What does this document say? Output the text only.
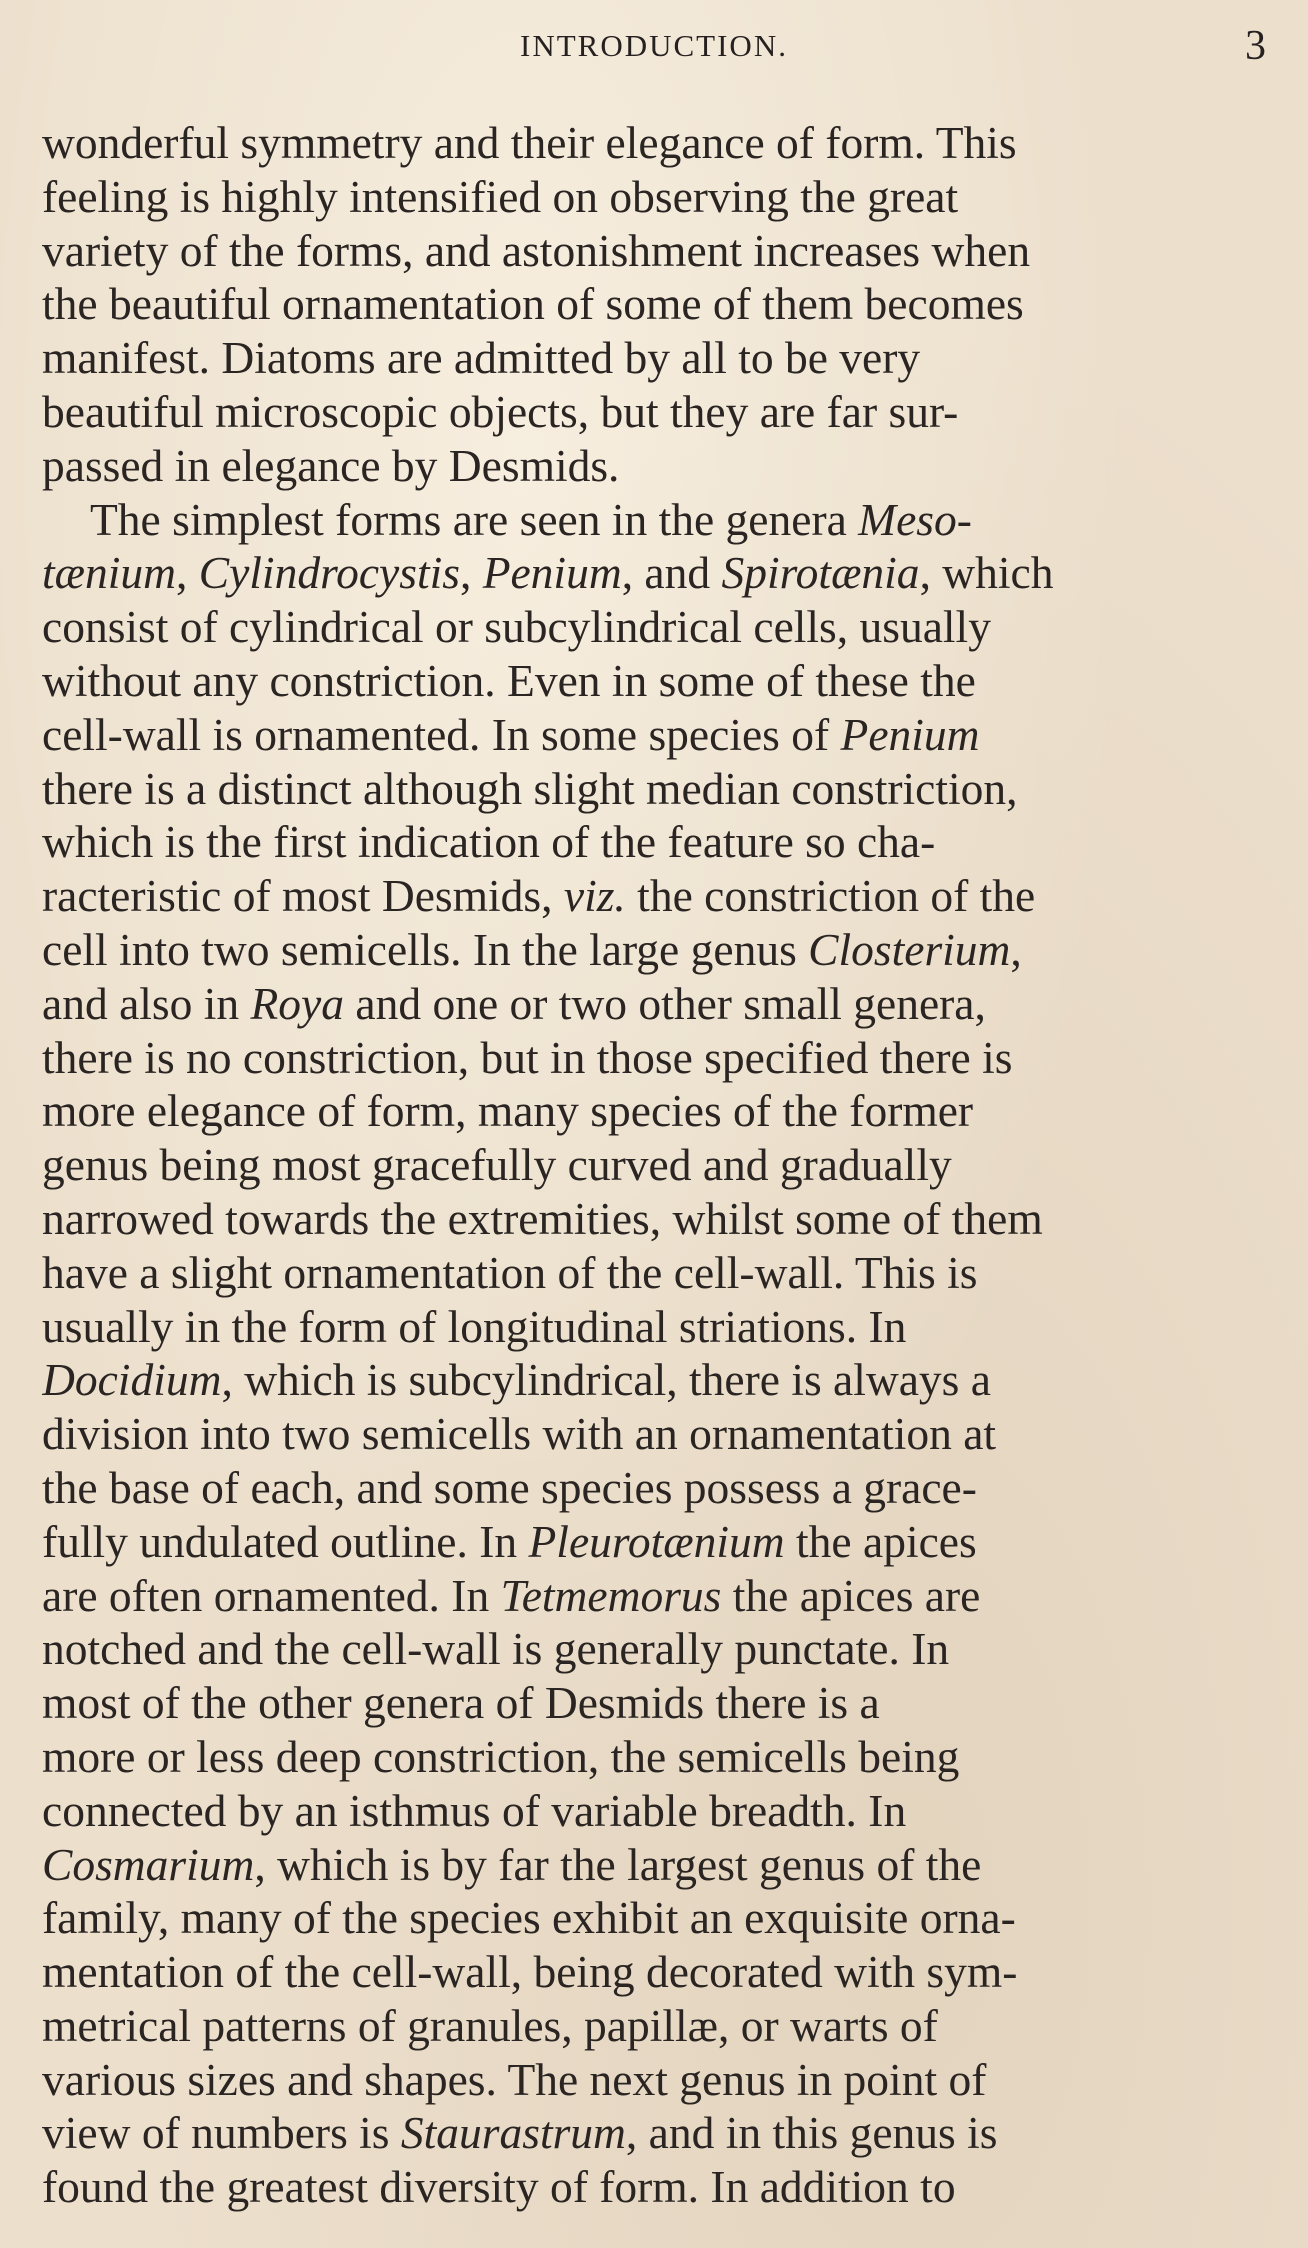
INTRODUCTION.	3
wonderful symmetry and their elegance of form. This
feeling is highly intensified on observing the great
variety of the forms, and astonishment increases when
the beautiful ornamentation of some of them becomes
manifest. Diatoms are admitted by all to be very
beautiful microscopic objects, but they are far sur-
passed in elegance by Desmids.
The simplest forms are seen in the genera Meso-
tænium, Cylindrocystis, Penium, and Spirotænia, which
consist of cylindrical or subcylindrical cells, usually
without any constriction. Even in some of these the
cell-wall is ornamented. In some species of Penium
there is a distinct although slight median constriction,
which is the first indication of the feature so cha-
racteristic of most Desmids, viz. the constriction of the
cell into two semicells. In the large genus Closterium,
and also in Roya and one or two other small genera,
there is no constriction, but in those specified there is
more elegance of form, many species of the former
genus being most gracefully curved and gradually
narrowed towards the extremities, whilst some of them
have a slight ornamentation of the cell-wall. This is
usually in the form of longitudinal striations. In
Docidium, which is subcylindrical, there is always a
division into two semicells with an ornamentation at
the base of each, and some species possess a grace-
fully undulated outline. In Pleurotænium the apices
are often ornamented. In Tetmemorus the apices are
notched and the cell-wall is generally punctate. In
most of the other genera of Desmids there is a
more or less deep constriction, the semicells being
connected by an isthmus of variable breadth. In
Cosmarium, which is by far the largest genus of the
family, many of the species exhibit an exquisite orna-
mentation of the cell-wall, being decorated with sym-
metrical patterns of granules, papillæ, or warts of
various sizes and shapes. The next genus in point of
view of numbers is Staurastrum, and in this genus is
found the greatest diversity of form. In addition to
